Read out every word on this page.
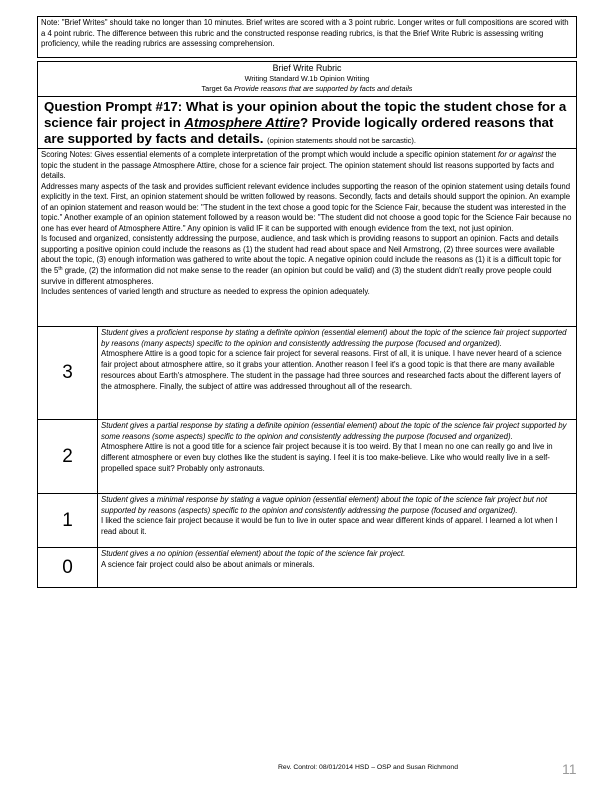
Note: "Brief Writes" should take no longer than 10 minutes. Brief writes are scored with a 3 point rubric. Longer writes or full compositions are scored with a 4 point rubric. The difference between this rubric and the constructed response reading rubrics, is that the Brief Write Rubric is assessing writing proficiency, while the reading rubrics are assessing comprehension.
Brief Write Rubric
Writing Standard W.1b Opinion Writing
Target 6a Provide reasons that are supported by facts and details
Question Prompt #17: What is your opinion about the topic the student chose for a science fair project in Atmosphere Attire? Provide logically ordered reasons that are supported by facts and details. (opinion statements should not be sarcastic).

Scoring Notes: Gives essential elements of a complete interpretation of the prompt which would include a specific opinion statement for or against the topic the student in the passage Atmosphere Attire, chose for a science fair project. The opinion statement should list reasons supported by facts and details.

Addresses many aspects of the task and provides sufficient relevant evidence includes supporting the reason of the opinion statement using details found explicitly in the text. First, an opinion statement should be written followed by reasons. Secondly, facts and details should support the opinion. An example of an opinion statement and reason would be: "The student in the text chose a good topic for the Science Fair, because the student was interested in the topic." Another example of an opinion statement followed by a reason would be: "The student did not choose a good topic for the Science Fair because no one has ever heard of Atmosphere Attire." Any opinion is valid IF it can be supported with enough evidence from the text, not just opinion.

Is focused and organized, consistently addressing the purpose, audience, and task which is providing reasons to support an opinion. Facts and details supporting a positive opinion could include the reasons as (1) the student had read about space and Neil Armstrong, (2) three sources were available about the topic, (3) enough information was gathered to write about the topic. A negative opinion could include the reasons as (1) it is a difficult topic for the 5th grade, (2) the information did not make sense to the reader (an opinion but could be valid) and (3) the student didn't really prove people could survive in different atmospheres.

Includes sentences of varied length and structure as needed to express the opinion adequately.

3

Student gives a proficient response by stating a definite opinion (essential element) about the topic of the science fair project supported by reasons (many aspects) specific to the opinion and consistently addressing the purpose (focused and organized).

Atmosphere Attire is a good topic for a science fair project for several reasons. First of all, it is unique. I have never heard of a science fair project about atmosphere attire, so it grabs your attention. Another reason I feel it's a good topic is that there are many available resources about Earth's atmosphere. The student in the passage had three sources and researched facts about the different layers of the atmosphere. Finally, the subject of attire was addressed throughout all of the research.

2

Student gives a partial response by stating a definite opinion (essential element) about the topic of the science fair project supported by some reasons (some aspects) specific to the opinion and consistently addressing the purpose (focused and organized).

Atmosphere Attire is not a good title for a science fair project because it is too weird. By that I mean no one can really go and live in different atmosphere or even buy clothes like the student is saying. I feel it is too make-believe. Like who would really live in a self-propelled space suit? Probably only astronauts.

1

Student gives a minimal response by stating a vague opinion (essential element) about the topic of the science fair project but not supported by reasons (aspects) specific to the opinion and consistently addressing the purpose (focused and organized).

I liked the science fair project because it would be fun to live in outer space and wear different kinds of apparel. I learned a lot when I read about it.

0

Student gives a no opinion (essential element) about the topic of the science fair project.

A science fair project could also be about animals or minerals.

Rev. Control: 08/01/2014 HSD – OSP and Susan Richmond	11
